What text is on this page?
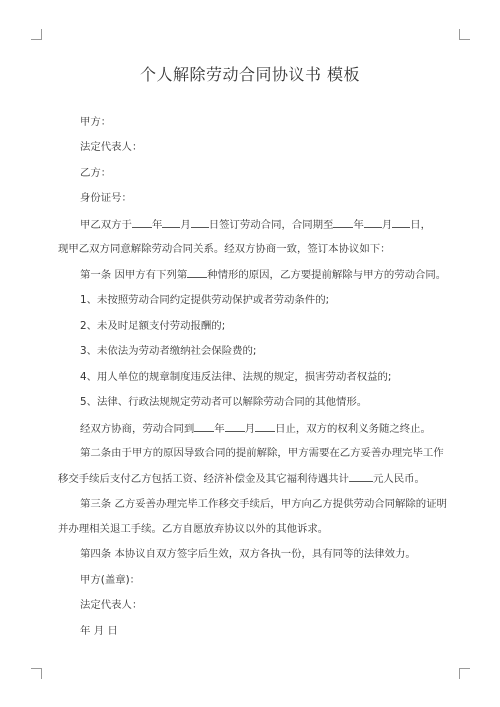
个人解除劳动合同协议书 模板
甲方：
法定代表人：
乙方：
身份证号：
甲乙双方于 年 月 日签订劳动合同，合同期至 年 月 日，
现甲乙双方同意解除劳动合同关系。经双方协商一致，签订本协议如下：
第一条 因甲方有下列第 种情形的原因，乙方要提前解除与甲方的劳动合同。
1、未按照劳动合同约定提供劳动保护或者劳动条件的;
2、未及时足额支付劳动报酬的;
3、未依法为劳动者缴纳社会保险费的;
4、用人单位的规章制度违反法律、法规的规定，损害劳动者权益的;
5、法律、行政法规规定劳动者可以解除劳动合同的其他情形。
经双方协商，劳动合同到 年 月 日止，双方的权利义务随之终止。
第二条由于甲方的原因导致合同的提前解除，甲方需要在乙方妥善办理完毕工作
移交手续后支付乙方包括工资、经济补偿金及其它福利待遇共计 元人民币。
第三条 乙方妥善办理完毕工作移交手续后，甲方向乙方提供劳动合同解除的证明
并办理相关退工手续。乙方自愿放弃协议以外的其他诉求。
第四条 本协议自双方签字后生效，双方各执一份，具有同等的法律效力。
甲方(盖章)：
法定代表人：
年 月 日
